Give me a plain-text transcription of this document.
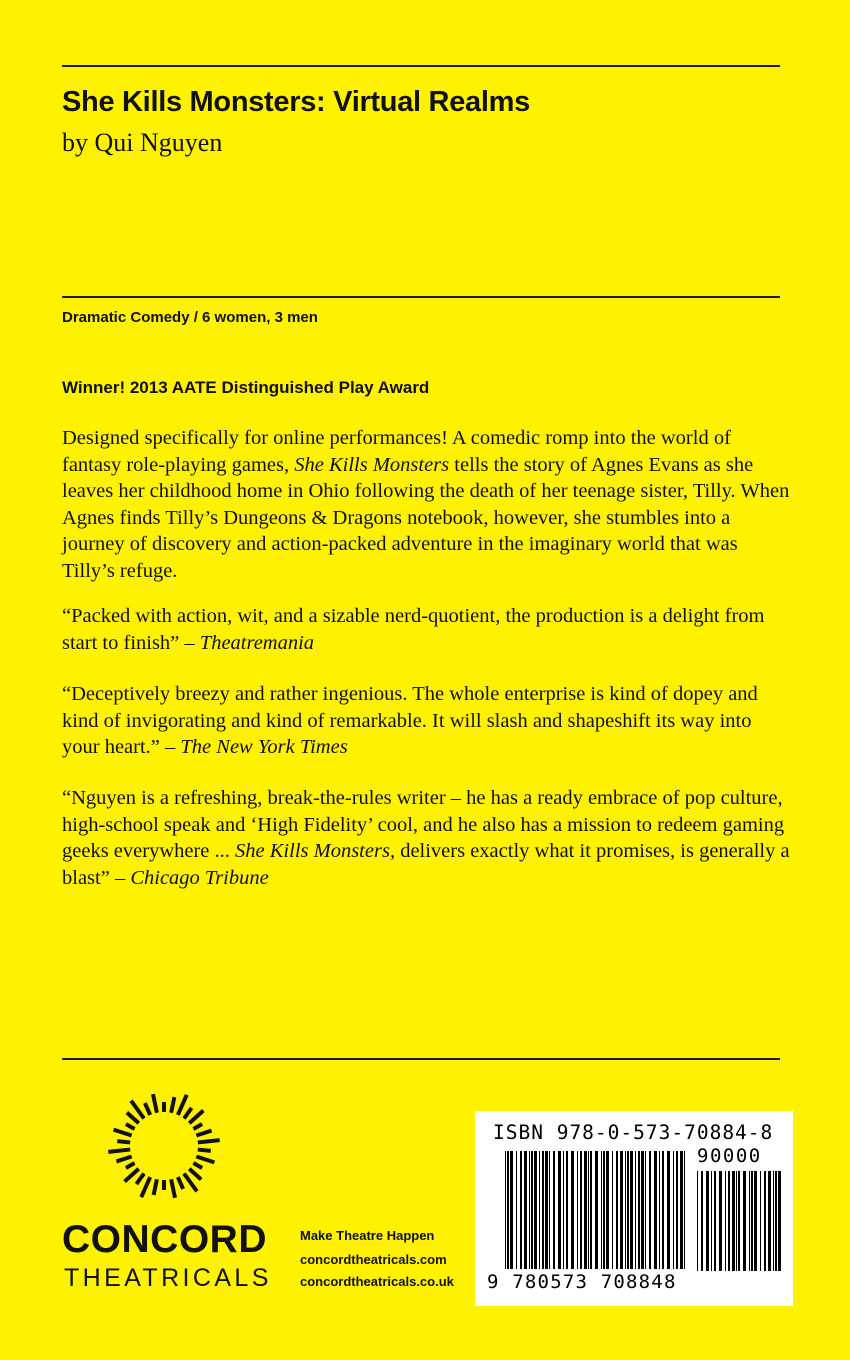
She Kills Monsters: Virtual Realms
by Qui Nguyen
Dramatic Comedy / 6 women, 3 men
Winner! 2013 AATE Distinguished Play Award
Designed specifically for online performances! A comedic romp into the world of fantasy role-playing games, She Kills Monsters tells the story of Agnes Evans as she leaves her childhood home in Ohio following the death of her teenage sister, Tilly. When Agnes finds Tilly’s Dungeons & Dragons notebook, however, she stumbles into a journey of discovery and action-packed adventure in the imaginary world that was Tilly’s refuge.
“Packed with action, wit, and a sizable nerd-quotient, the production is a delight from start to finish” – Theatremania
“Deceptively breezy and rather ingenious. The whole enterprise is kind of dopey and kind of invigorating and kind of remarkable. It will slash and shapeshift its way into your heart.” – The New York Times
“Nguyen is a refreshing, break-the-rules writer – he has a ready embrace of pop culture, high-school speak and ‘High Fidelity’ cool, and he also has a mission to redeem gaming geeks everywhere ... She Kills Monsters, delivers exactly what it promises, is generally a blast” – Chicago Tribune
CONCORD
THEATRICALS
Make Theatre Happen
concordtheatricals.com
concordtheatricals.co.uk
ISBN 978-0-573-70884-8
90000
9 780573 708848
